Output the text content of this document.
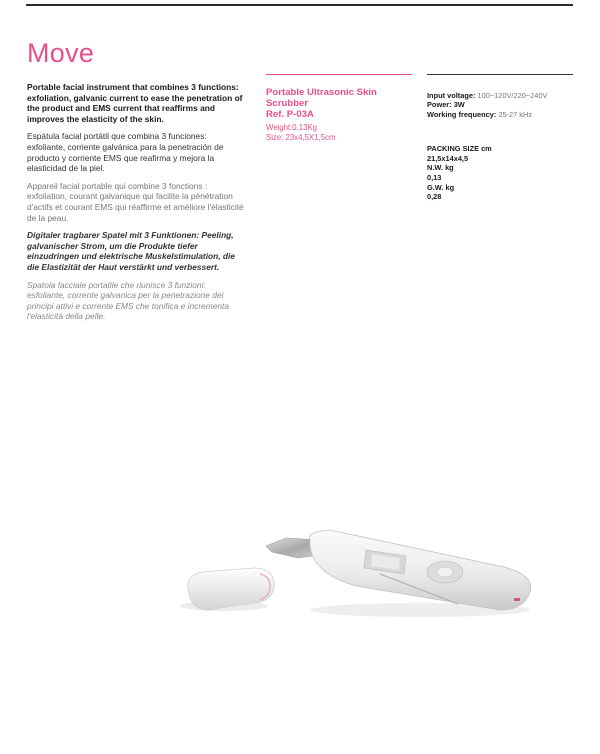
Move

Portable facial instrument that combines 3 functions: exfoliation, galvanic current to ease the penetration of the product and EMS current that reaffirms and improves the elasticity of the skin.

Espátula facial portátil que combina 3 funciones: exfoliante, corriente galvánica para la penetración de producto y corriente EMS que reafirma y mejora la elasticidad de la piel.

Appareil facial portable qui combine 3 fonctions : exfoliation, courant galvanique qui facilite la pénétration d'actifs et courant EMS qui réaffirme et améliore l'élasticité de la peau.

Digitaler tragbarer Spatel mit 3 Funktionen: Peeling, galvanischer Strom, um die Produkte tiefer einzudringen und elektrische Muskelstimulation, die die Elastizität der Haut verstärkt und verbessert.

Spatola facciale portatile che riunisce 3 funzioni: esfoliante, corrente galvanica per la penetrazione dei principi attivi e corrente EMS che tonifica e incrementa l'elasticità della pelle.

Portable Ultrasonic Skin
Scrubber
Ref. P-03A
Weight:0,13Kg
Size: 23x4,5X1,5cm
Input voltage: 100~120V/220~240V
Power: 3W
Working frequency: 25-27 kHz
PACKING SIZE cm
21,5x14x4,5
N.W. kg
0,13
G.W. kg
0,28
